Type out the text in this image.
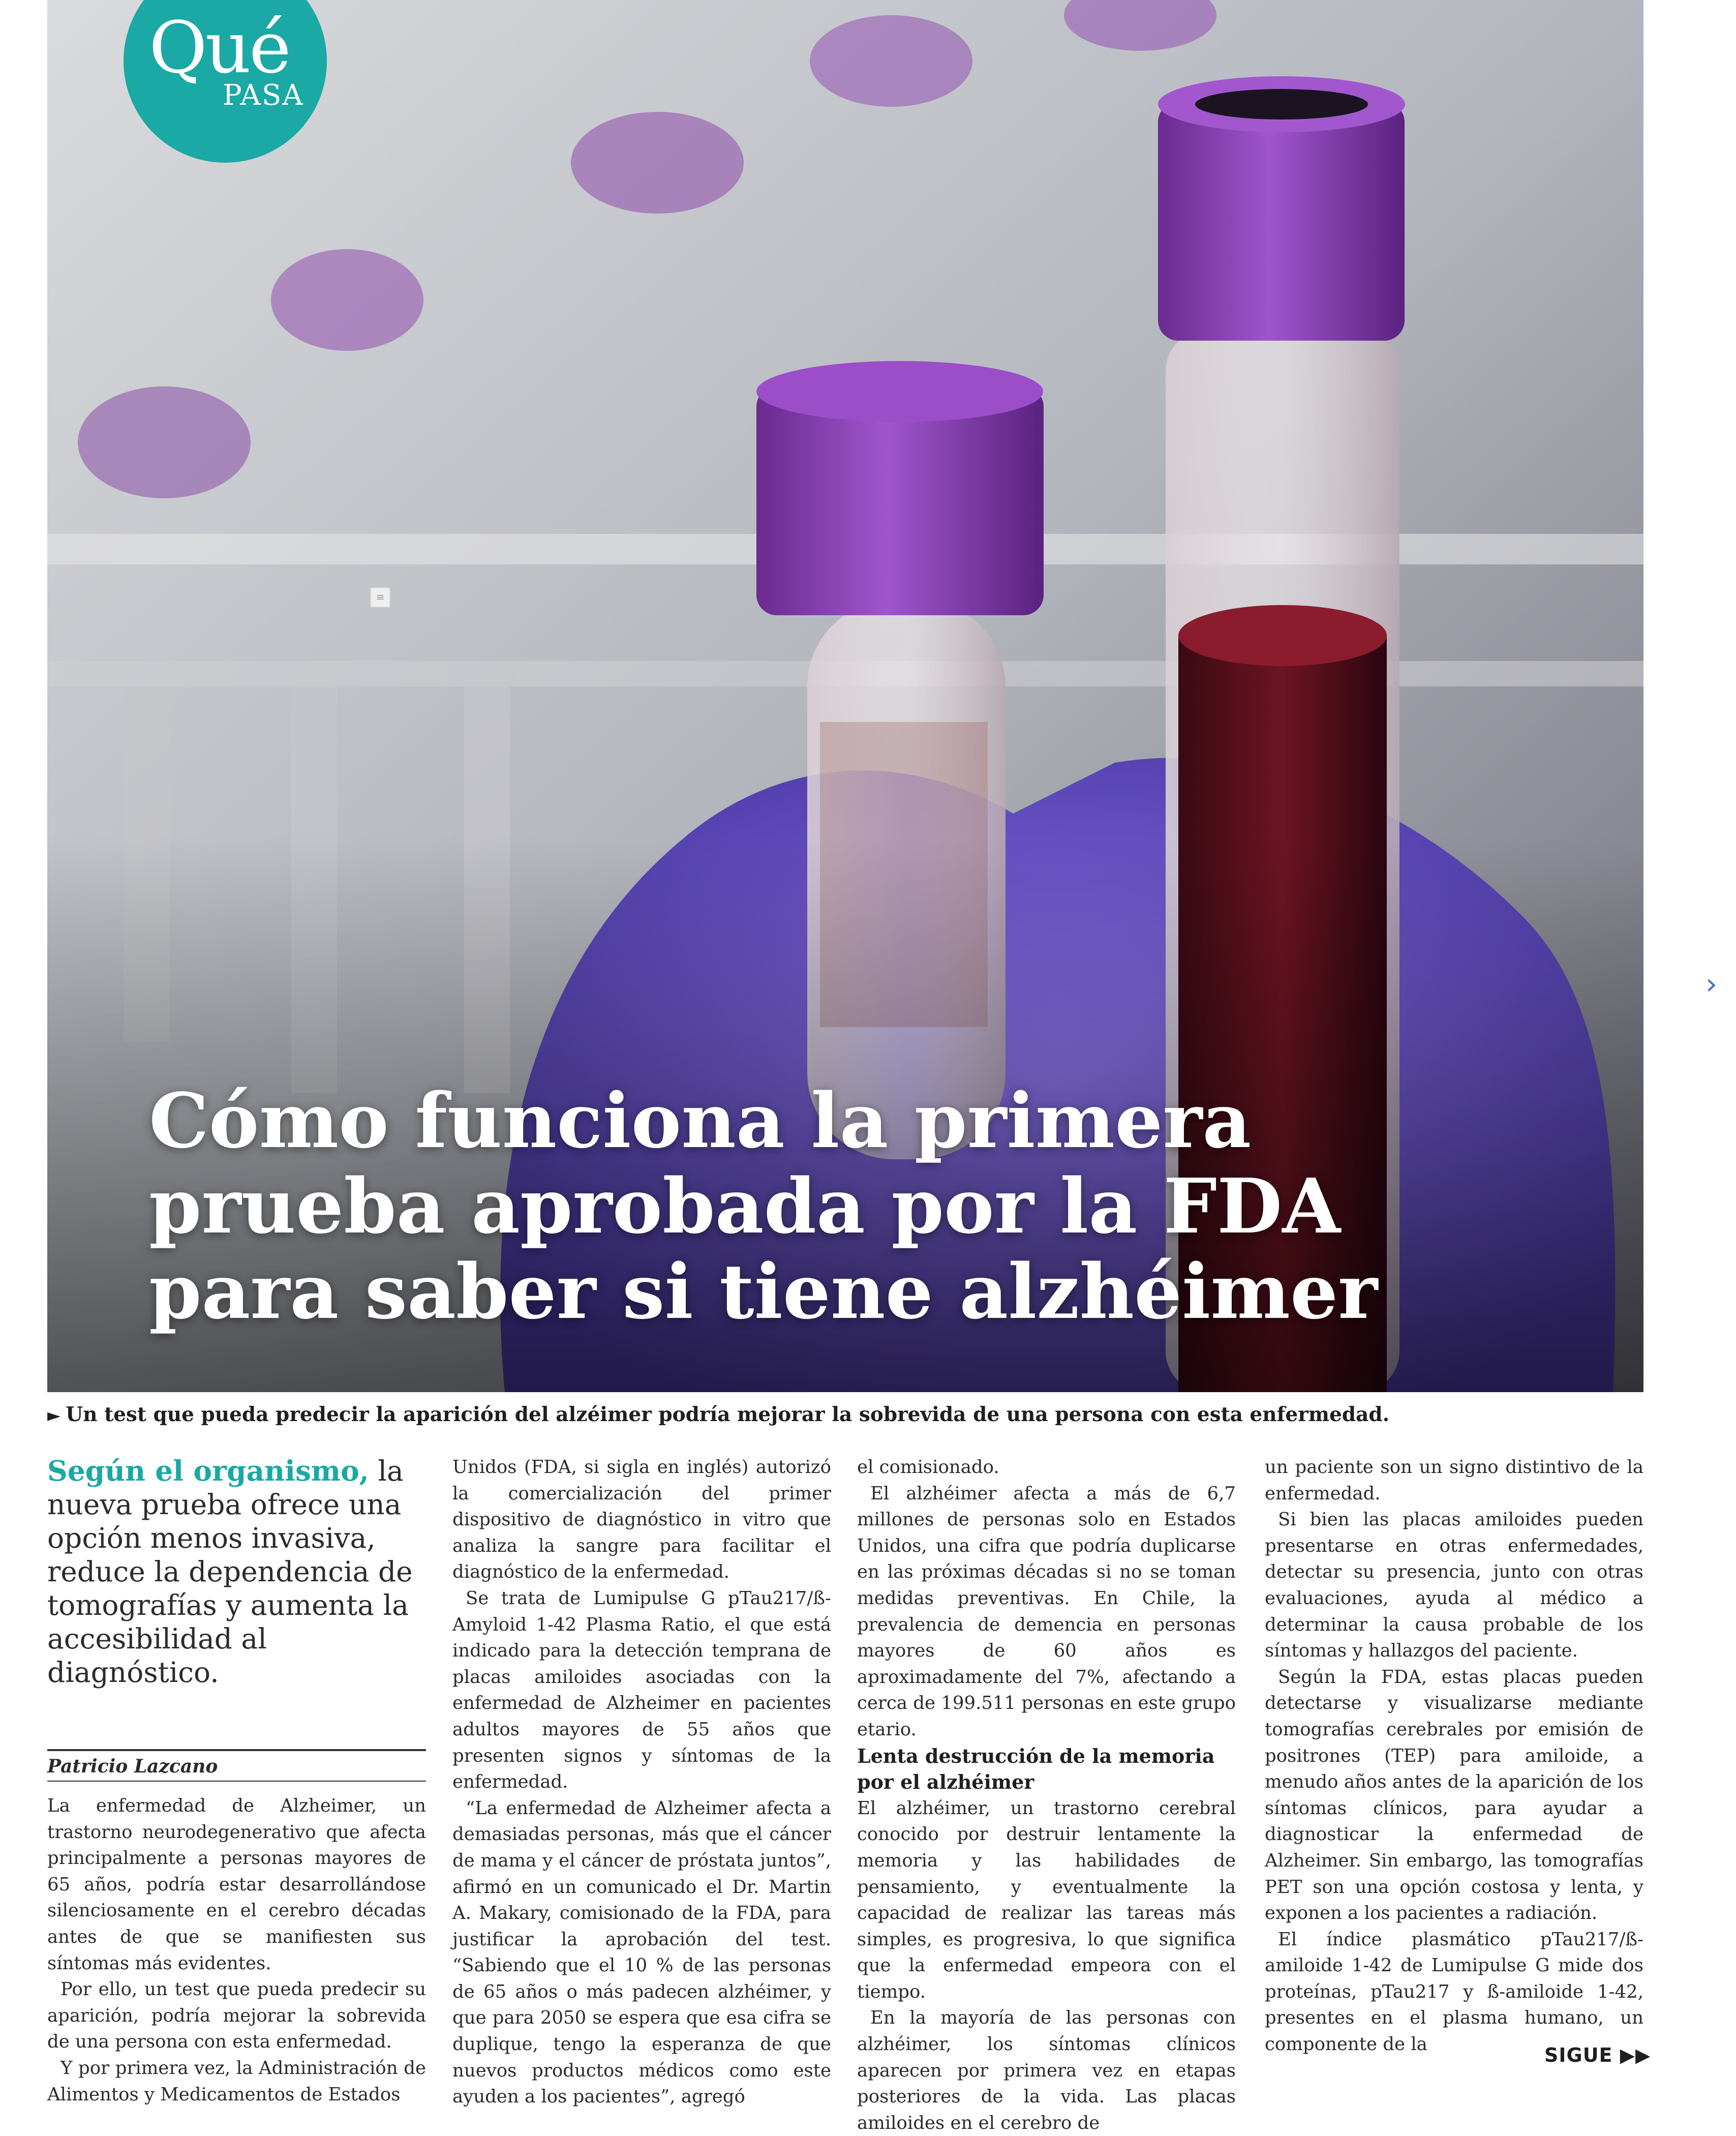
Qué
PASA
Cómo funciona la primera prueba aprobada por la FDA para saber si tiene alzhéimer
≡
›
► Un test que pueda predecir la aparición del alzéimer podría mejorar la sobrevida de una persona con esta enfermedad.

Según el organismo, la nueva prueba ofrece una opción menos invasiva, reduce la dependencia de tomografías y aumenta la accesibilidad al diagnóstico.

Patricio Lazcano

La enfermedad de Alzheimer, un trastorno neurodegenerativo que afecta principalmente a personas mayores de 65 años, podría estar desarrollándose silenciosamente en el cerebro décadas antes de que se manifiesten sus síntomas más evidentes.

Por ello, un test que pueda predecir su aparición, podría mejorar la sobrevida de una persona con esta enfermedad.

Y por primera vez, la Administración de Alimentos y Medicamentos de Estados

Unidos (FDA, si sigla en inglés) autorizó la comercialización del primer dispositivo de diagnóstico in vitro que analiza la sangre para facilitar el diagnóstico de la enfermedad.

Se trata de Lumipulse G pTau217/ß-Amyloid 1-42 Plasma Ratio, el que está indicado para la detección temprana de placas amiloides asociadas con la enfermedad de Alzheimer en pacientes adultos mayores de 55 años que presenten signos y síntomas de la enfermedad.

“La enfermedad de Alzheimer afecta a demasiadas personas, más que el cáncer de mama y el cáncer de próstata juntos”, afirmó en un comunicado el Dr. Martin A. Makary, comisionado de la FDA, para justificar la aprobación del test. “Sabiendo que el 10 % de las personas de 65 años o más padecen alzhéimer, y que para 2050 se espera que esa cifra se duplique, tengo la esperanza de que nuevos productos médicos como este ayuden a los pacientes”, agregó

el comisionado.

El alzhéimer afecta a más de 6,7 millones de personas solo en Estados Unidos, una cifra que podría duplicarse en las próximas décadas si no se toman medidas preventivas. En Chile, la prevalencia de demencia en personas mayores de 60 años es aproximadamente del 7%, afectando a cerca de 199.511 personas en este grupo etario.

Lenta destrucción de la memoria por el alzhéimer

El alzhéimer, un trastorno cerebral conocido por destruir lentamente la memoria y las habilidades de pensamiento, y eventualmente la capacidad de realizar las tareas más simples, es progresiva, lo que significa que la enfermedad empeora con el tiempo.

En la mayoría de las personas con alzhéimer, los síntomas clínicos aparecen por primera vez en etapas posteriores de la vida. Las placas amiloides en el cerebro de

un paciente son un signo distintivo de la enfermedad.

Si bien las placas amiloides pueden presentarse en otras enfermedades, detectar su presencia, junto con otras evaluaciones, ayuda al médico a determinar la causa probable de los síntomas y hallazgos del paciente.

Según la FDA, estas placas pueden detectarse y visualizarse mediante tomografías cerebrales por emisión de positrones (TEP) para amiloide, a menudo años antes de la aparición de los síntomas clínicos, para ayudar a diagnosticar la enfermedad de Alzheimer. Sin embargo, las tomografías PET son una opción costosa y lenta, y exponen a los pacientes a radiación.

El índice plasmático pTau217/ß-amiloide 1-42 de Lumipulse G mide dos proteínas, pTau217 y ß-amiloide 1-42, presentes en el plasma humano, un componente de la	SIGUE ▶▶
